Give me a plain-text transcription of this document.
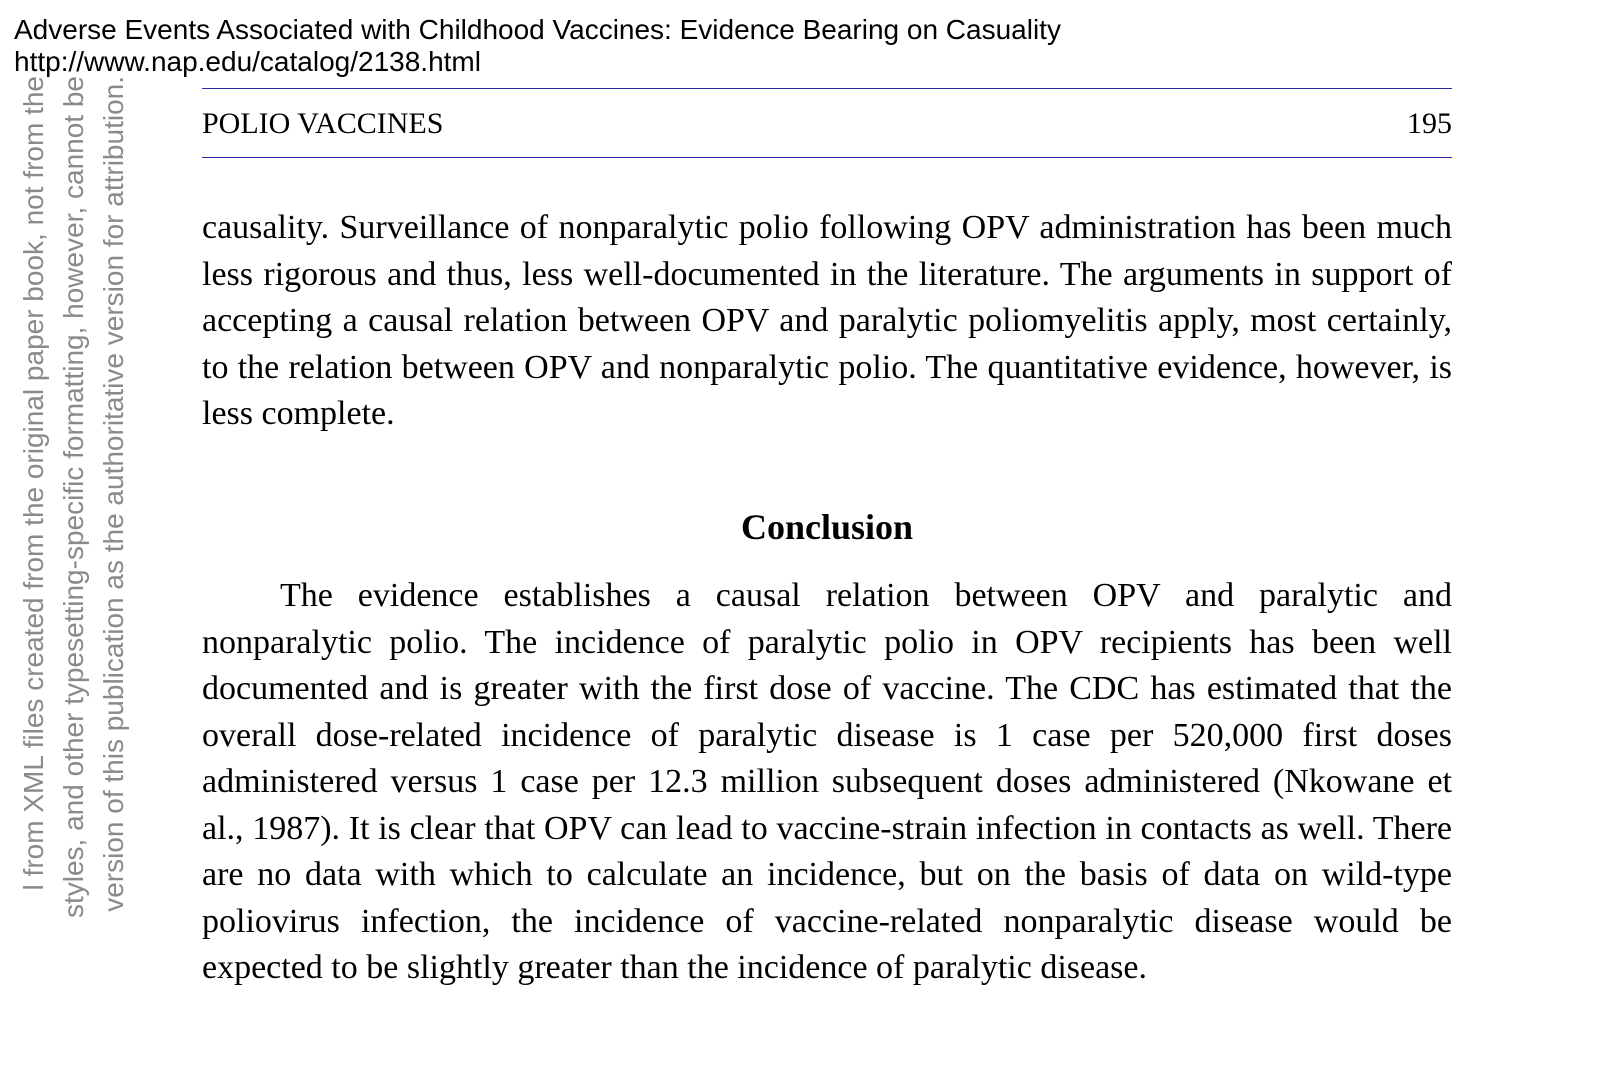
Adverse Events Associated with Childhood Vaccines: Evidence Bearing on Casuality
http://www.nap.edu/catalog/2138.html
l from XML files created from the original paper book, not from the styles, and other typesetting-specific formatting, however, cannot be version of this publication as the authoritative version for attribution. POLIO VACCINES	195

causality. Surveillance of nonparalytic polio following OPV administration has been much less rigorous and thus, less well-documented in the literature. The arguments in support of accepting a causal relation between OPV and paralytic poliomyelitis apply, most certainly, to the relation between OPV and nonparalytic polio. The quantitative evidence, however, is less complete.

Conclusion

The evidence establishes a causal relation between OPV and paralytic and nonparalytic polio. The incidence of paralytic polio in OPV recipients has been well documented and is greater with the first dose of vaccine. The CDC has estimated that the overall dose-related incidence of paralytic disease is 1 case per 520,000 first doses administered versus 1 case per 12.3 million subsequent doses administered (Nkowane et al., 1987). It is clear that OPV can lead to vaccine-strain infection in contacts as well. There are no data with which to calculate an incidence, but on the basis of data on wild-type poliovirus infection, the incidence of vaccine-related nonparalytic disease would be expected to be slightly greater than the incidence of paralytic disease.
